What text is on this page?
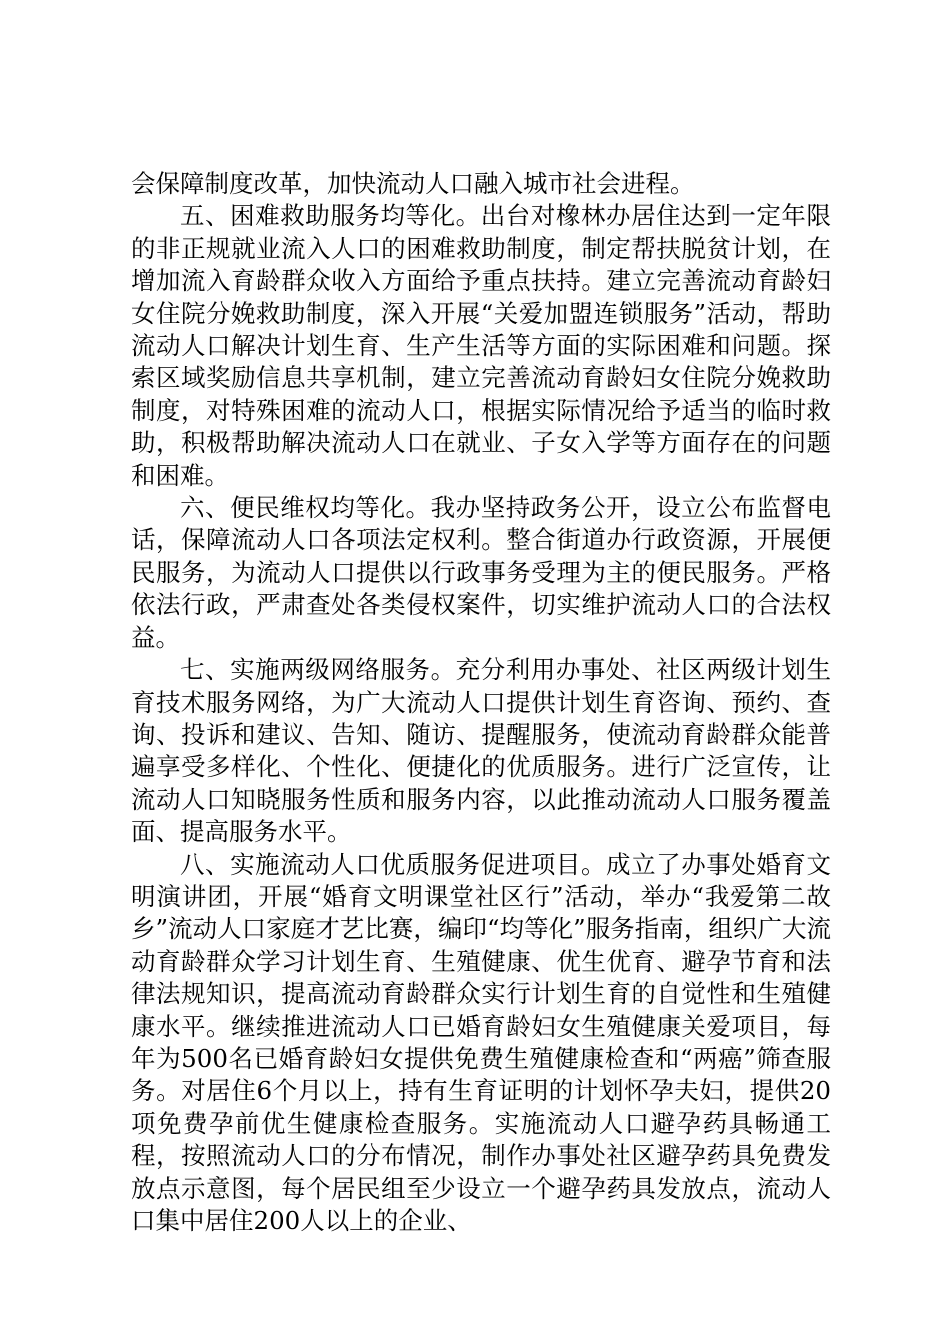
会保障制度改革，加快流动人口融入城市社会进程。

五、困难救助服务均等化。出台对橡林办居住达到一定年限的非正规就业流入人口的困难救助制度，制定帮扶脱贫计划，在增加流入育龄群众收入方面给予重点扶持。建立完善流动育龄妇女住院分娩救助制度，深入开展“关爱加盟连锁服务”活动，帮助流动人口解决计划生育、生产生活等方面的实际困难和问题。探索区域奖励信息共享机制，建立完善流动育龄妇女住院分娩救助制度，对特殊困难的流动人口，根据实际情况给予适当的临时救助，积极帮助解决流动人口在就业、子女入学等方面存在的问题和困难。

六、便民维权均等化。我办坚持政务公开，设立公布监督电话，保障流动人口各项法定权利。整合街道办行政资源，开展便民服务，为流动人口提供以行政事务受理为主的便民服务。严格依法行政，严肃查处各类侵权案件，切实维护流动人口的合法权益。

七、实施两级网络服务。充分利用办事处、社区两级计划生育技术服务网络，为广大流动人口提供计划生育咨询、预约、查询、投诉和建议、告知、随访、提醒服务，使流动育龄群众能普遍享受多样化、个性化、便捷化的优质服务。进行广泛宣传，让流动人口知晓服务性质和服务内容，以此推动流动人口服务覆盖面、提高服务水平。

八、实施流动人口优质服务促进项目。成立了办事处婚育文明演讲团，开展“婚育文明课堂社区行”活动，举办“我爱第二故乡”流动人口家庭才艺比赛，编印“均等化”服务指南，组织广大流动育龄群众学习计划生育、生殖健康、优生优育、避孕节育和法律法规知识，提高流动育龄群众实行计划生育的自觉性和生殖健康水平。继续推进流动人口已婚育龄妇女生殖健康关爱项目，每年为500名已婚育龄妇女提供免费生殖健康检查和“两癌”筛查服务。对居住6个月以上，持有生育证明的计划怀孕夫妇，提供20项免费孕前优生健康检查服务。实施流动人口避孕药具畅通工程，按照流动人口的分布情况，制作办事处社区避孕药具免费发放点示意图，每个居民组至少设立一个避孕药具发放点，流动人口集中居住200人以上的企业、
